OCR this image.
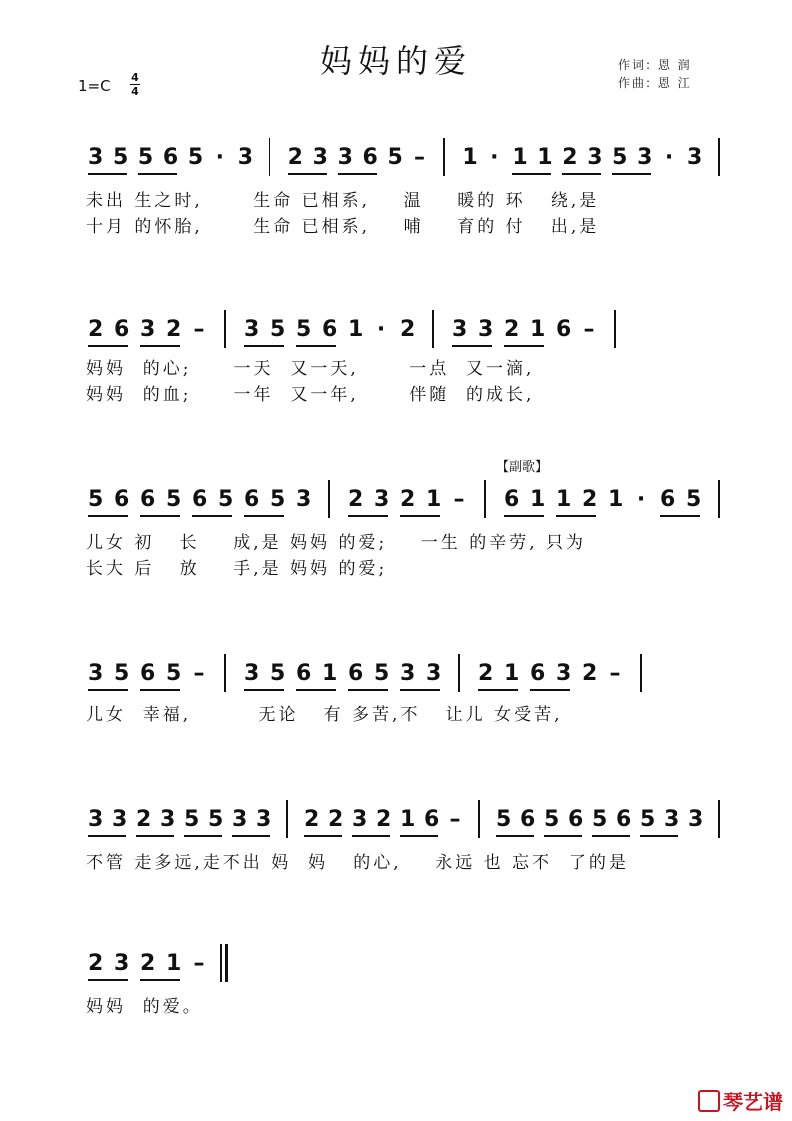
妈妈的爱	作词: 恩 润
作曲: 恩 江
1=C 4
4
【副歌】
3 5 5 6 5 · 3 2 3 3 6 5 – 1 · 1 1 2 3 5 3 · 3
未出 生之时,      生命 已相系,    温    暖的 环   绕,是
十月 的怀胎,      生命 已相系,    哺    育的 付   出,是
2 6 3 2 – 3 5 5 6 1 · 2 3 3 2 1 6 –
妈妈  的心;     一天  又一天,      一点  又一滴,
妈妈  的血;     一年  又一年,      伴随  的成长,
5 6 6 5 6 5 6 5 3 2 3 2 1 – 6 1 1 2 1 · 6 5
儿女 初   长    成,是 妈妈 的爱;    一生 的辛劳, 只为
长大 后   放    手,是 妈妈 的爱;
3 5 6 5 – 3 5 6 1 6 5 3 3 2 1 6 3 2 –
儿女  幸福,        无论   有 多苦,不   让儿 女受苦,
3 3 2 3 5 5 3 3 2 2 3 2 1 6 – 5 6 5 6 5 6 5 3 3
不管 走多远,走不出 妈  妈   的心,    永远 也 忘不  了的是
2 3 2 1 –
妈妈  的爱。
琴艺谱
